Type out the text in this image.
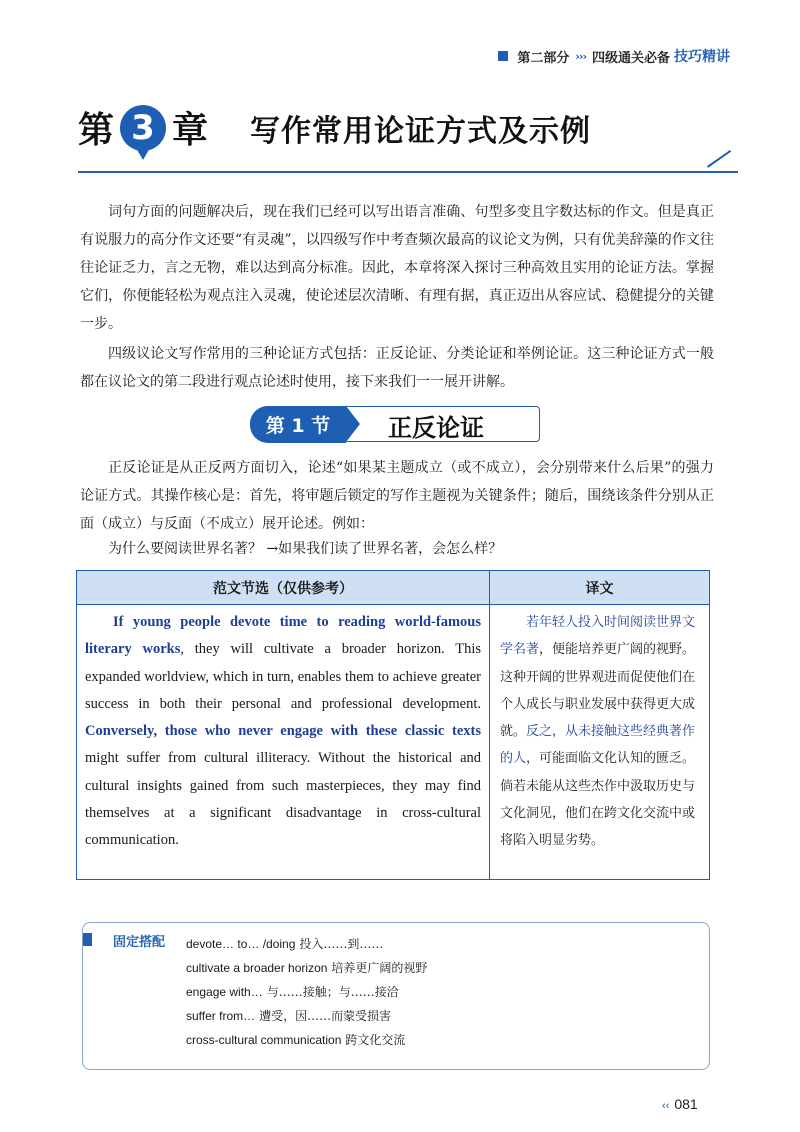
第二部分 ››› 四级通关必备 技巧精讲
第 3 章 写作常用论证方式及示例

词句方面的问题解决后，现在我们已经可以写出语言准确、句型多变且字数达标的作文。但是真正有说服力的高分作文还要“有灵魂”，以四级写作中考查频次最高的议论文为例，只有优美辞藻的作文往往论证乏力，言之无物，难以达到高分标准。因此，本章将深入探讨三种高效且实用的论证方法。掌握它们，你便能轻松为观点注入灵魂，使论述层次清晰、有理有据，真正迈出从容应试、稳健提分的关键一步。

四级议论文写作常用的三种论证方式包括：正反论证、分类论证和举例论证。这三种论证方式一般都在议论文的第二段进行观点论述时使用，接下来我们一一展开讲解。

第 1 节	正反论证

正反论证是从正反两方面切入，论述“如果某主题成立（或不成立），会分别带来什么后果”的强力论证方式。其操作核心是：首先，将审题后锁定的写作主题视为关键条件；随后，围绕该条件分别从正面（成立）与反面（不成立）展开论述。例如：

为什么要阅读世界名著？ →如果我们读了世界名著，会怎么样？
范文节选（仅供参考）	译文
If young people devote time to reading world-famous literary works, they will cultivate a broader horizon. This expanded worldview, which in turn, enables them to achieve greater success in both their personal and professional development. Conversely, those who never engage with these classic texts might suffer from cultural illiteracy. Without the historical and cultural insights gained from such masterpieces, they may find themselves at a significant disadvantage in cross-cultural communication.	若年轻人投入时间阅读世界文学名著，便能培养更广阔的视野。这种开阔的世界观进而促使他们在个人成长与职业发展中获得更大成就。反之，从未接触这些经典著作的人，可能面临文化认知的匮乏。倘若未能从这些杰作中汲取历史与文化洞见，他们在跨文化交流中或将陷入明显劣势。
固定搭配 devote… to… /doing 投入……到……
cultivate a broader horizon 培养更广阔的视野
engage with… 与……接触；与……接洽
suffer from… 遭受，因……而蒙受损害
cross-cultural communication 跨文化交流
‹‹ 081
